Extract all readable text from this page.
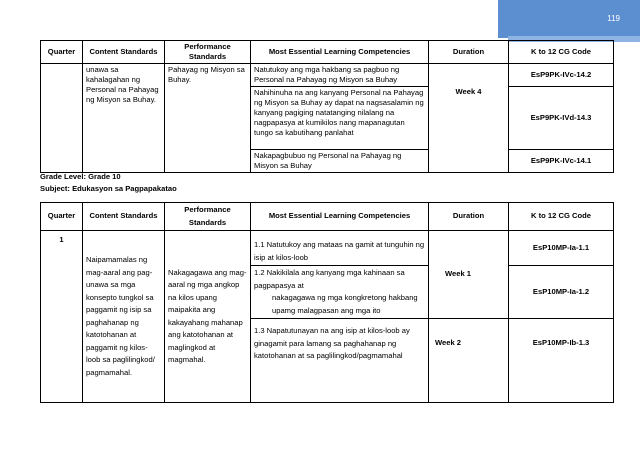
119
Quarter	Content Standards	Performance Standards	Most Essential Learning Competencies	Duration	K to 12 CG Code
	unawa sa kahalagahan ng Personal na Pahayag ng Misyon sa Buhay.	Pahayag ng Misyon sa Buhay.	Natutukoy ang mga hakbang sa pagbuo ng Personal na Pahayag ng Misyon sa Buhay	Week 4	EsP9PK-IVc-14.2
			Nahihinuha na ang kanyang Personal na Pahayag ng Misyon sa Buhay ay dapat na nagsasalamin ng kanyang pagiging natatanging nilalang na nagpapasya at kumikilos nang mapanagutan tungo sa kabutihang panlahat		EsP9PK-IVd-14.3
			Nakapagbubuo ng Personal na Pahayag ng Misyon sa Buhay		EsP9PK-IVc-14.1
Grade Level: Grade 10
Subject: Edukasyon sa Pagpapakatao
Quarter	Content Standards	Performance Standards	Most Essential Learning Competencies	Duration	K to 12 CG Code
1	Naipamamalas ng mag-aaral ang pag-unawa sa mga konsepto tungkol sa paggamit ng isip sa paghahanap ng katotohanan at paggamit ng kilos-loob sa paglilingkod/ pagmamahal.	Nakagagawa ang mag-aaral ng mga angkop na kilos upang maipakita ang kakayahang mahanap ang katotohanan at maglingkod at magmahal.	1.1 Natutukoy ang mataas na gamit at tunguhin ng isip at kilos-loob	Week 1	EsP10MP-Ia-1.1

			1.2 Nakikilala ang kanyang mga kahinaan sa pagpapasya at
nakagagawa ng mga kongkretong hakbang upamg malagpasan ang mga ito		EsP10MP-Ia-1.2
			1.3 Napatutunayan na ang isip at kilos-loob ay ginagamit para lamang sa paghahanap ng katotohanan at sa paglilingkod/pagmamahal	Week 2	EsP10MP-Ib-1.3
